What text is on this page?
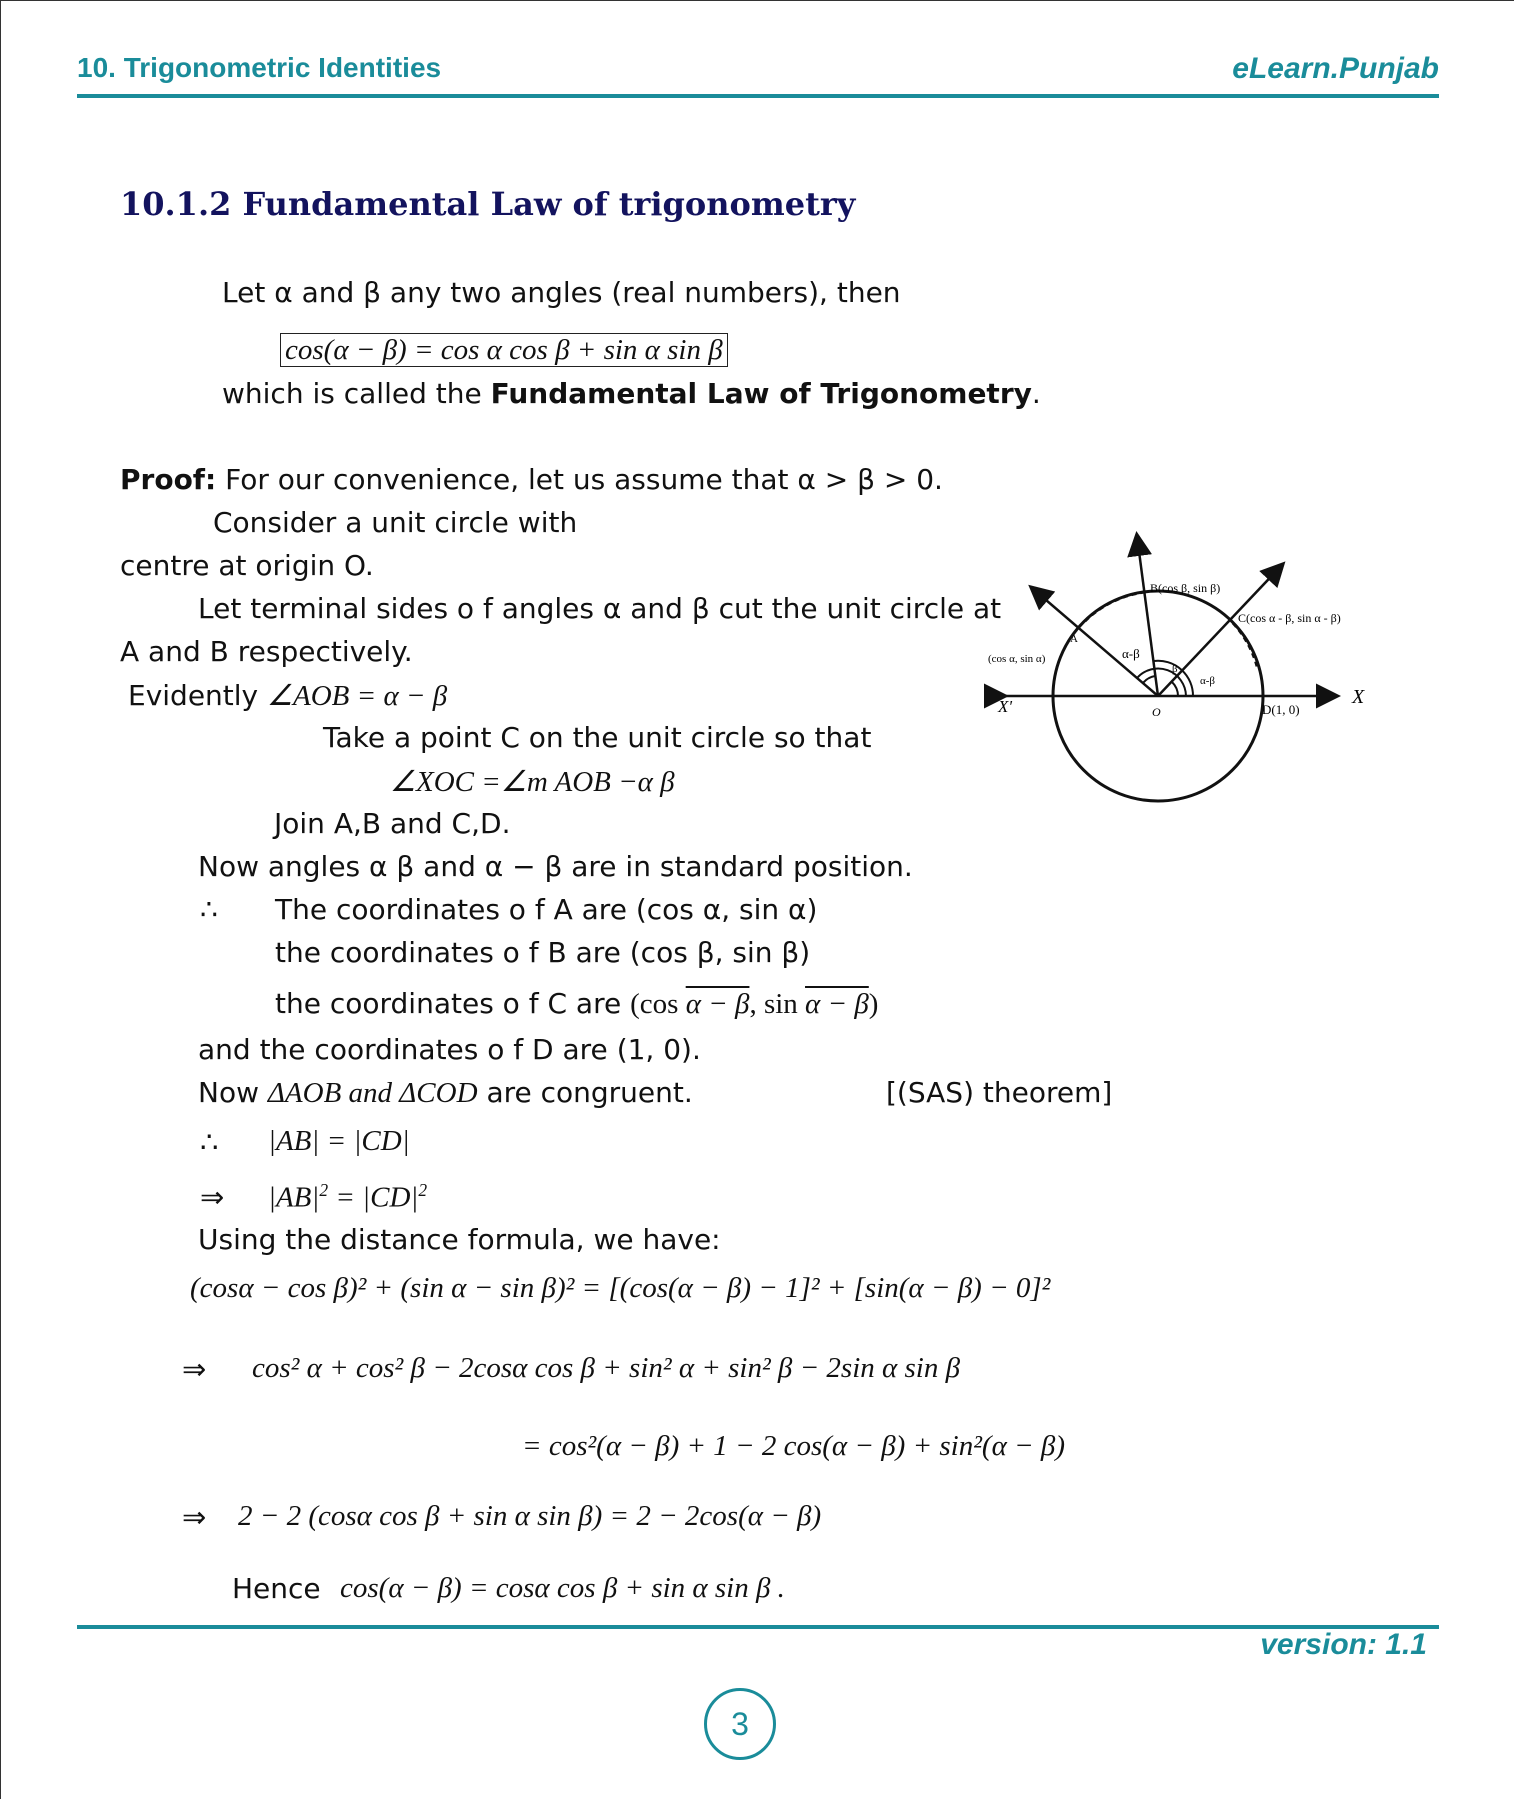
10. Trigonometric Identities	eLearn.Punjab
10.1.2 Fundamental Law of trigonometry
Let α and β any two angles (real numbers), then
cos(α − β) = cos α cos β + sin α sin β
which is called the Fundamental Law of Trigonometry.
Proof: For our convenience, let us assume that α > β > 0.
Consider a unit circle with
centre at origin O.
Let terminal sides o f angles α and β cut the unit circle at
A and B respectively.
Evidently ∠AOB = α − β
Take a point C on the unit circle so that
∠XOC =∠m AOB −α β
Join A,B and C,D.
Now angles α β and α − β are in standard position.
∴ The coordinates o f A are (cos α, sin α)
the coordinates o f B are (cos β, sin β)
the coordinates o f C are (cos α − β, sin α − β)
and the coordinates o f D are (1, 0).
Now ΔAOB and ΔCOD are congruent.	[(SAS) theorem]
∴ |AB| = |CD|
⇒ $|AB|^2 = |CD|^2$
Using the distance formula, we have:
(cosα − cos β)² + (sin α − sin β)² = [(cos(α − β) − 1]² + [sin(α − β) − 0]²
⇒ cos² α + cos² β − 2cosα cos β + sin² α + sin² β − 2sin α sin β
= cos²(α − β) + 1 − 2 cos(α − β) + sin²(α − β)
⇒ 2 − 2 (cosα cos β + sin α sin β) = 2 − 2cos(α − β)
Hence cos(α − β) = cosα cos β + sin α sin β .
B(cos β, sin β)
C(cos α - β, sin α - β)
(cos α, sin α)
A
α-β
β
α-β
X'	X
O	D(1, 0)
version: 1.1
3
